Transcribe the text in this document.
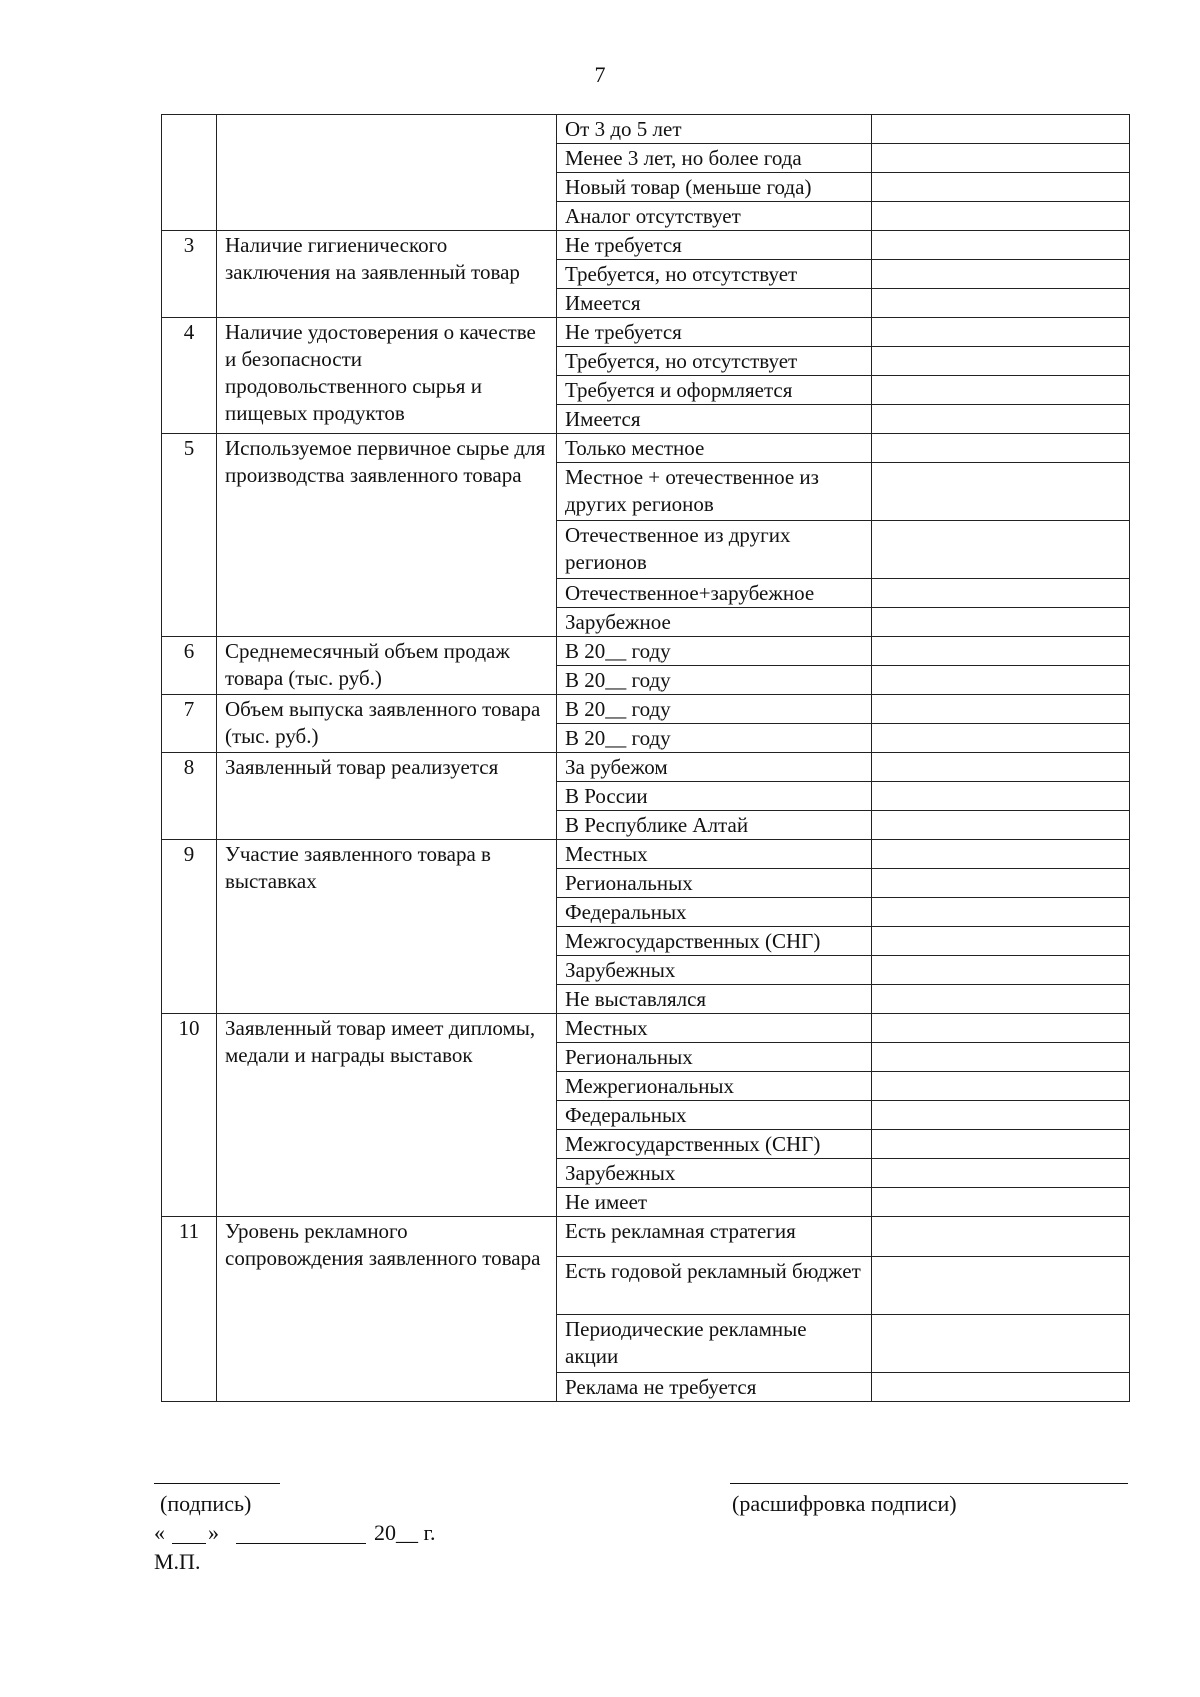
7
		От 3 до 5 лет	
		Менее 3 лет, но более года	
		Новый товар (меньше года)	
		Аналог отсутствует	
3	Наличие гигиенического заключения на заявленный товар	Не требуется	
		Требуется, но отсутствует	
		Имеется	
4	Наличие удостоверения о качестве и безопасности продовольственного сырья и пищевых продуктов	Не требуется	
		Требуется, но отсутствует	
		Требуется и оформляется	
		Имеется	
5	Используемое первичное сырье для производства заявленного товара	Только местное	
		Местное + отечественное из других регионов	
		Отечественное из других регионов	
		Отечественное+зарубежное	
		Зарубежное	
6	Среднемесячный объем продаж товара (тыс. руб.)	В 20__ году	
		В 20__ году	
7	Объем выпуска заявленного товара (тыс. руб.)	В 20__ году	
		В 20__ году	
8	Заявленный товар реализуется	За рубежом	
		В России	
		В Республике Алтай	
9	Участие заявленного товара в выставках	Местных	
		Региональных	
		Федеральных	
		Межгосударственных (СНГ)	
		Зарубежных	
		Не выставлялся	
10	Заявленный товар имеет дипломы, медали и награды выставок	Местных	
		Региональных	
		Межрегиональных	
		Федеральных	
		Межгосударственных (СНГ)	
		Зарубежных	
		Не имеет	
11	Уровень рекламного сопровождения заявленного товара	Есть рекламная стратегия	
		Есть годовой рекламный бюджет	
		Периодические рекламные акции	
		Реклама не требуется	
(подпись)	(расшифровка подписи)
« »	20__ г.
М.П.
